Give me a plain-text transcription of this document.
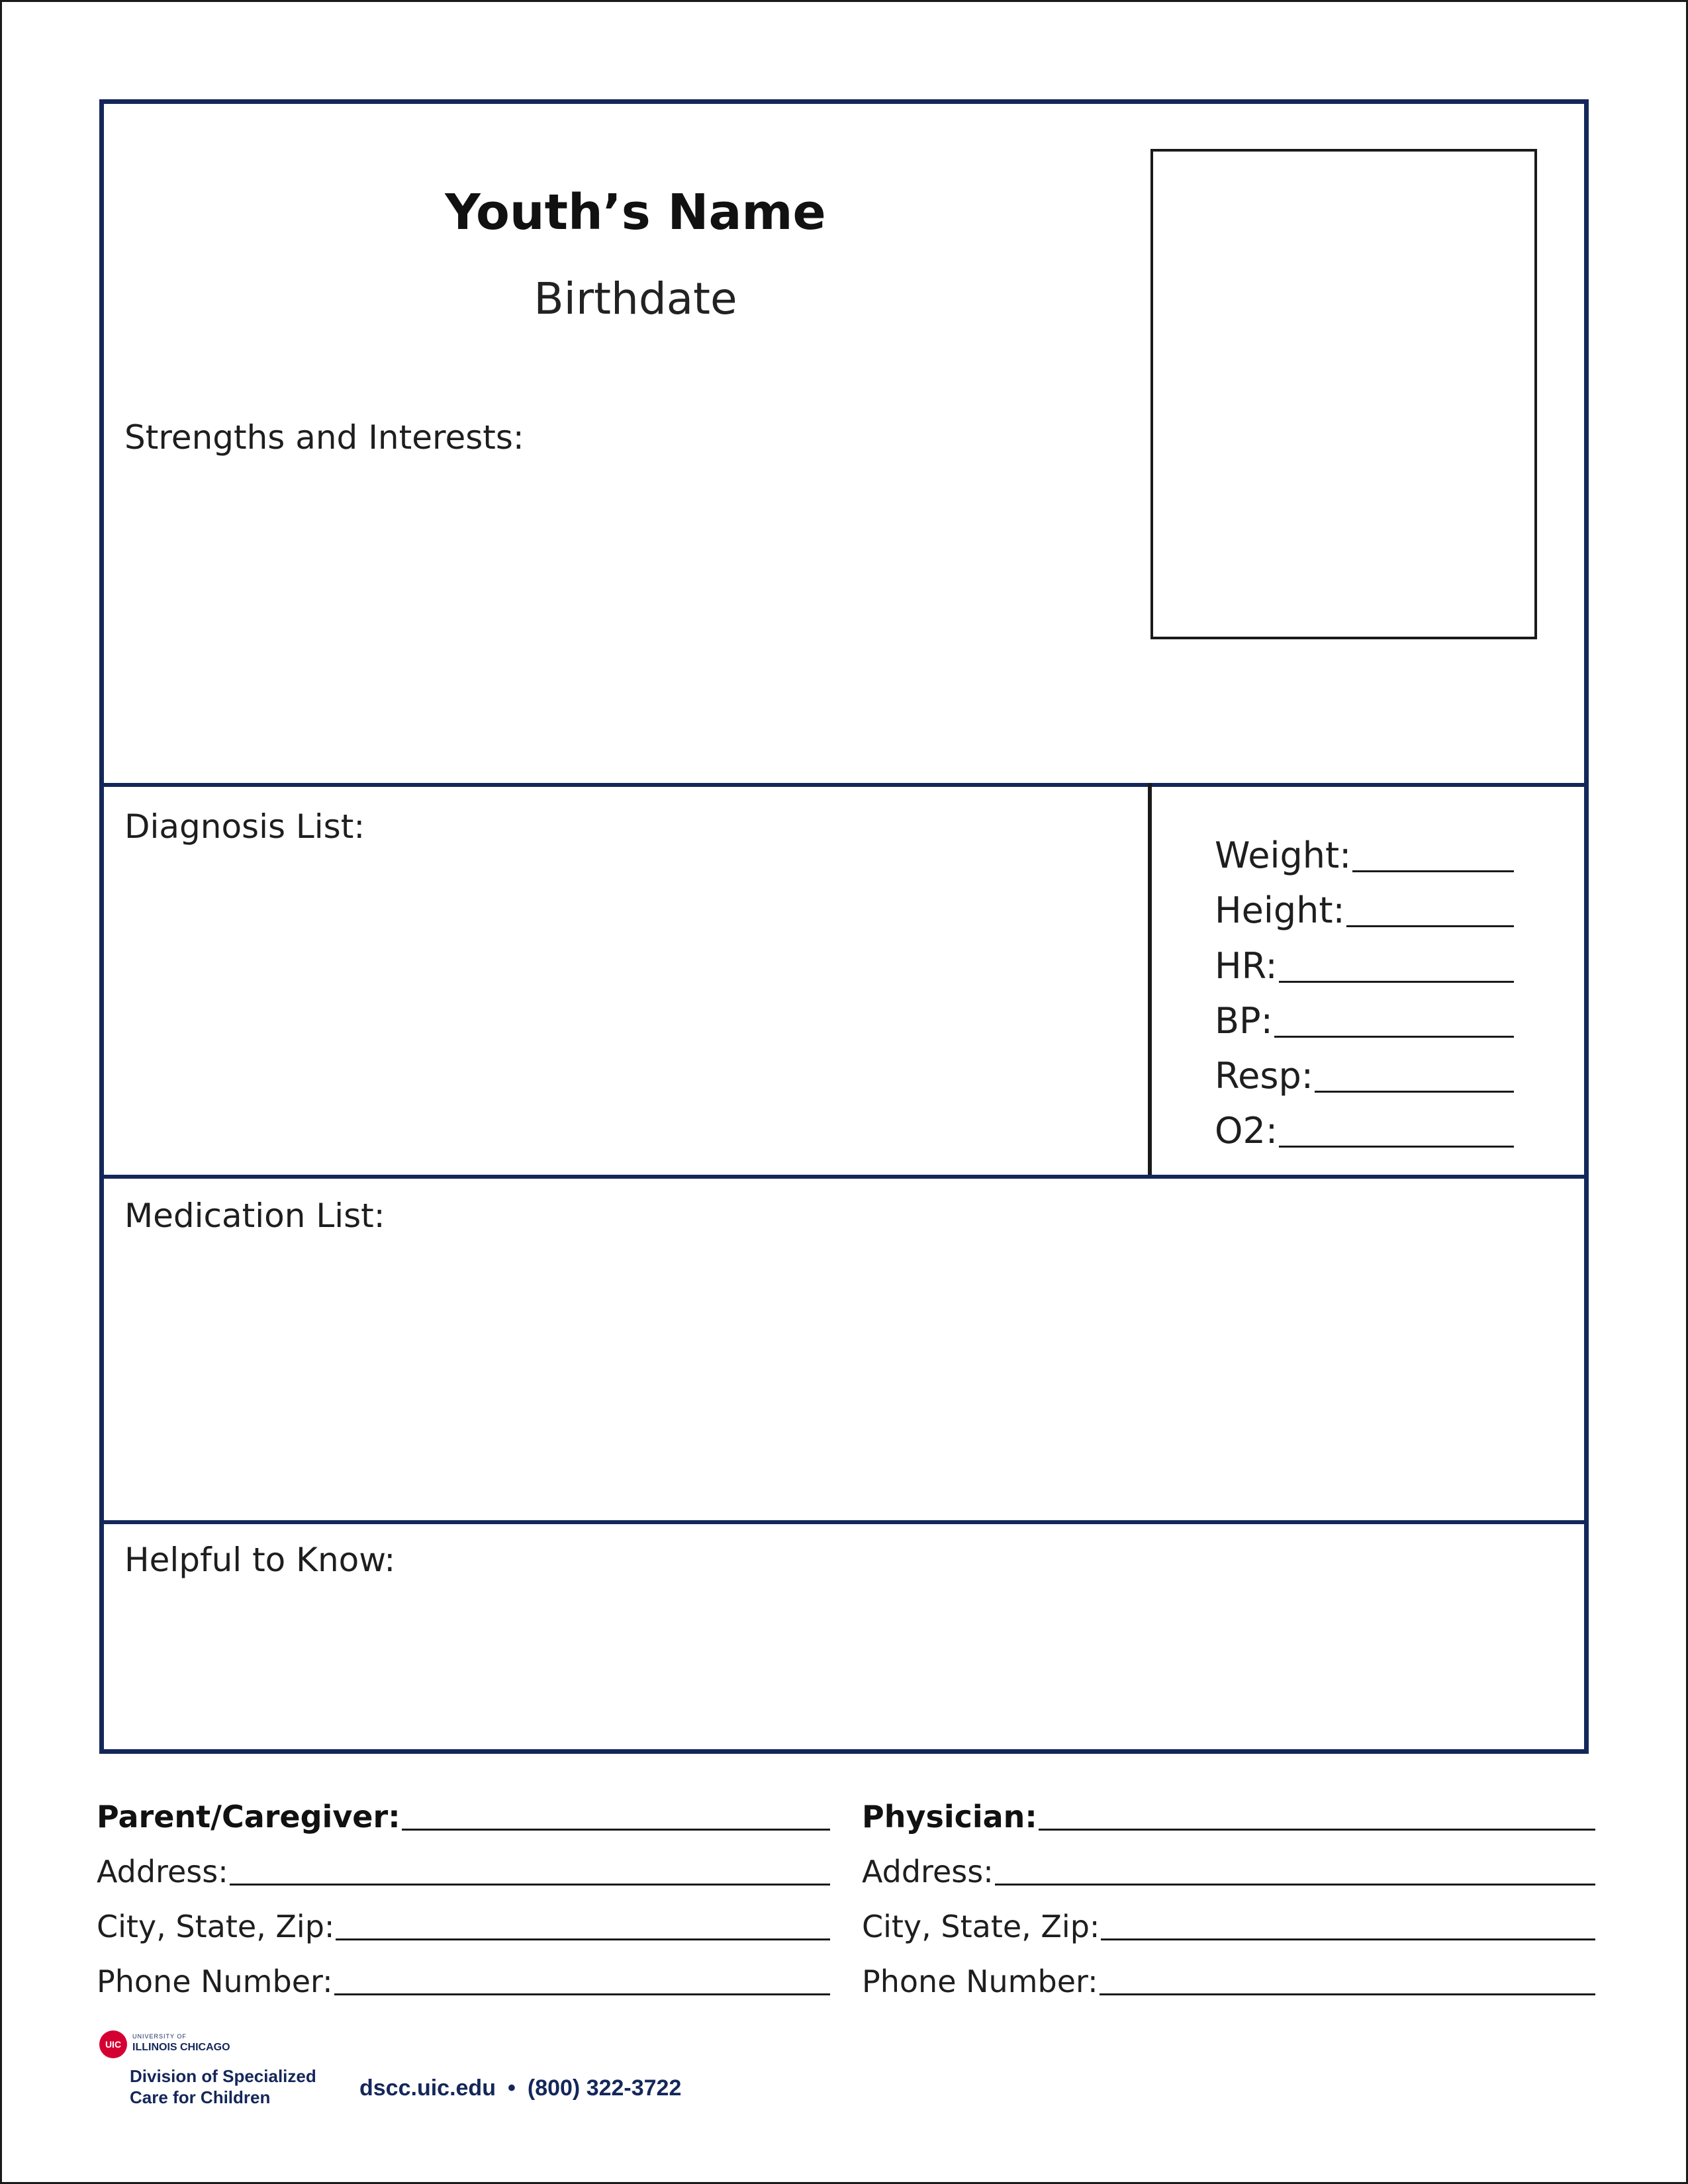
Youth’s Name
Birthdate
Strengths and Interests:
Diagnosis List:
Medication List:
Helpful to Know:
Weight:
Height:
HR:
BP:
Resp:
O2:
Parent/Caregiver:
Address:
City, State, Zip:
Phone Number:
Physician:
Address:
City, State, Zip:
Phone Number:
UIC
UNIVERSITY OF
ILLINOIS CHICAGO
Division of Specialized
Care for Children	dscc.uic.edu • (800) 322-3722
